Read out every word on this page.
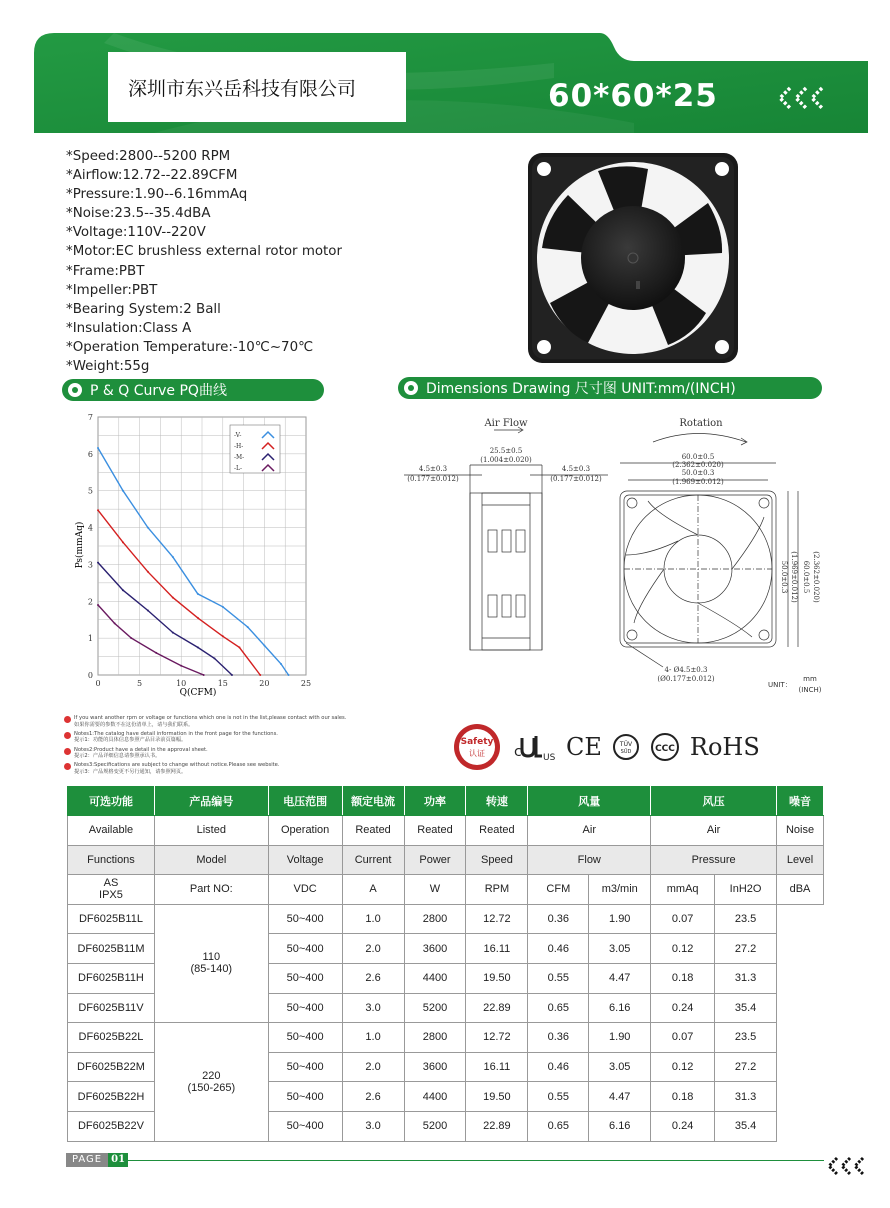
深圳市东兴岳科技有限公司	60*60*25
*Speed:2800--5200 RPM
*Airflow:12.72--22.89CFM
*Pressure:1.90--6.16mmAq
*Noise:23.5--35.4dBA
*Voltage:110V--220V
*Motor:EC brushless external rotor motor
*Frame:PBT
*Impeller:PBT
*Bearing System:2 Ball
*Insulation:Class A
*Operation Temperature:-10℃~70℃
*Weight:55g
P & Q Curve PQ曲线	Dimensions Drawing 尺寸图 UNIT:mm/(INCH)
0	5	10	15	20	25
0
1
2
3
4
5
6
7
-V-
-H-
-M-
-L-
Q(CFM)
Ps(mmAq)
Air Flow	Rotation
25.5±0.5
(1.004±0.020)
4.5±0.3
(0.177±0.012)
4.5±0.3
(0.177±0.012)
60.0±0.5
(2.362±0.020)
50.0±0.3
(1.969±0.012)
50.0±0.3 (1.969±0.012) 60.0±0.5 (2.362±0.020)
4- Ø4.5±0.3
(Ø0.177±0.012)
UNIT：
mm
(INCH)
If you want another rpm or voltage or functions which one is not in the list,please contact with our sales.
如果你需要的参数不在这份清单上，请与我们联系。
Notes1:The catalog have detail information in the front page for the functions.
提示1：功能的具体信息参照产品目录前页篇幅。
Notes2:Product have a detail in the approval sheet.
提示2：产品详细信息请参照承认书。
Notes3:Specifications are subject to change without notice.Please see website.
提示3：产品规格变更不另行通知，请参照网页。
Safety
认证 c US CE	TÜV
SÜD	CCC RoHS
可选功能	产品编号	电压范围	额定电流	功率	转速	风量		风压		噪音
Available	Listed	Operation	Reated	Reated	Reated	Air		Air		Noise
Functions	Model	Voltage	Current	Power	Speed	Flow		Pressure		Level

AS
IPX5	Part NO:	VDC	A	W	RPM	CFM	m3/min	mmAq	InH2O	dBA
DF6025B11L	110
(85-140)	50~400	1.0	2800	12.72	0.36	1.90	0.07	23.5	
DF6025B11M		50~400	2.0	3600	16.11	0.46	3.05	0.12	27.2	
DF6025B11H		50~400	2.6	4400	19.50	0.55	4.47	0.18	31.3	
DF6025B11V		50~400	3.0	5200	22.89	0.65	6.16	0.24	35.4	
DF6025B22L	220
(150-265)	50~400	1.0	2800	12.72	0.36	1.90	0.07	23.5	
DF6025B22M		50~400	2.0	3600	16.11	0.46	3.05	0.12	27.2	
DF6025B22H		50~400	2.6	4400	19.50	0.55	4.47	0.18	31.3	
DF6025B22V		50~400	3.0	5200	22.89	0.65	6.16	0.24	35.4	
PAGE 01
